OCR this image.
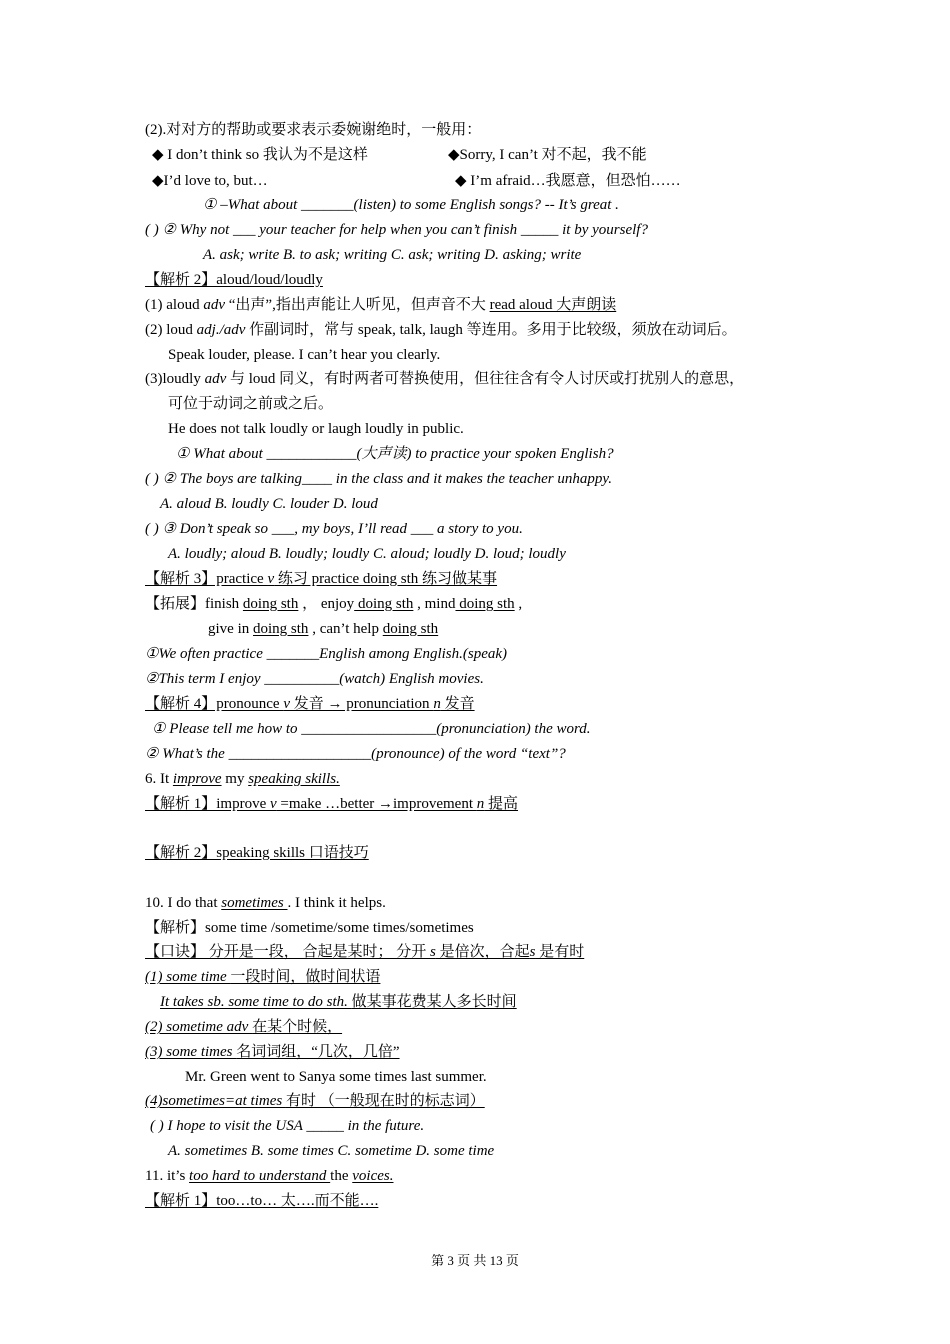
(2).对对方的帮助或要求表示委婉谢绝时，一般用：
◆ I don’t think so 我认为不是这样	◆Sorry, I can’t 对不起，我不能
◆I’d love to, but…	◆ I’m afraid…我愿意，但恐怕……
① –What about _______(listen) to some English songs? -- It’s great .
( ) ② Why not ___ your teacher for help when you can’t finish _____ it by yourself?
A. ask; write B. to ask; writing C. ask; writing D. asking; write
【解析 2】aloud/loud/loudly
(1) aloud adv “出声”,指出声能让人听见，但声音不大 read aloud 大声朗读
(2) loud adj./adv 作副词时，常与 speak, talk, laugh 等连用。多用于比较级，须放在动词后。
Speak louder, please. I can’t hear you clearly.
(3)loudly adv 与 loud 同义，有时两者可替换使用，但往往含有令人讨厌或打扰别人的意思，
可位于动词之前或之后。
He does not talk loudly or laugh loudly in public.
① What about ____________(大声读) to practice your spoken English?
( ) ② The boys are talking____ in the class and it makes the teacher unhappy.
A. aloud B. loudly C. louder D. loud
( ) ③ Don’t speak so ___, my boys, I’ll read ___ a story to you.
A. loudly; aloud B. loudly; loudly C. aloud; loudly D. loud; loudly
【解析 3】practice v 练习 practice doing sth 练习做某事
【拓展】finish doing sth ， enjoy doing sth , mind doing sth ,
give in doing sth , can’t help doing sth
①We often practice _______English among English.(speak)
②This term I enjoy __________(watch) English movies.
【解析 4】pronounce v 发音 → pronunciation n 发音
① Please tell me how to __________________(pronunciation) the word.
② What’s the ___________________(pronounce) of the word “text”?
6. It improve my speaking skills.
【解析 1】improve v =make …better →improvement n 提高
【解析 2】speaking skills 口语技巧
10. I do that sometimes . I think it helps.
【解析】some time /sometime/some times/sometimes
【口诀】 分开是一段， 合起是某时； 分开 s 是倍次，合起s 是有时
(1) some time 一段时间，做时间状语
It takes sb. some time to do sth. 做某事花费某人多长时间
(2) sometime adv 在某个时候，
(3) some times 名词词组，“几次，几倍”
Mr. Green went to Sanya some times last summer.
(4)sometimes=at times 有时 （一般现在时的标志词）
( ) I hope to visit the USA _____ in the future.
A. sometimes B. some times C. sometime D. some time
11. it’s too hard to understand the voices.
【解析 1】too…to… 太….而不能….
第 3 页 共 13 页
